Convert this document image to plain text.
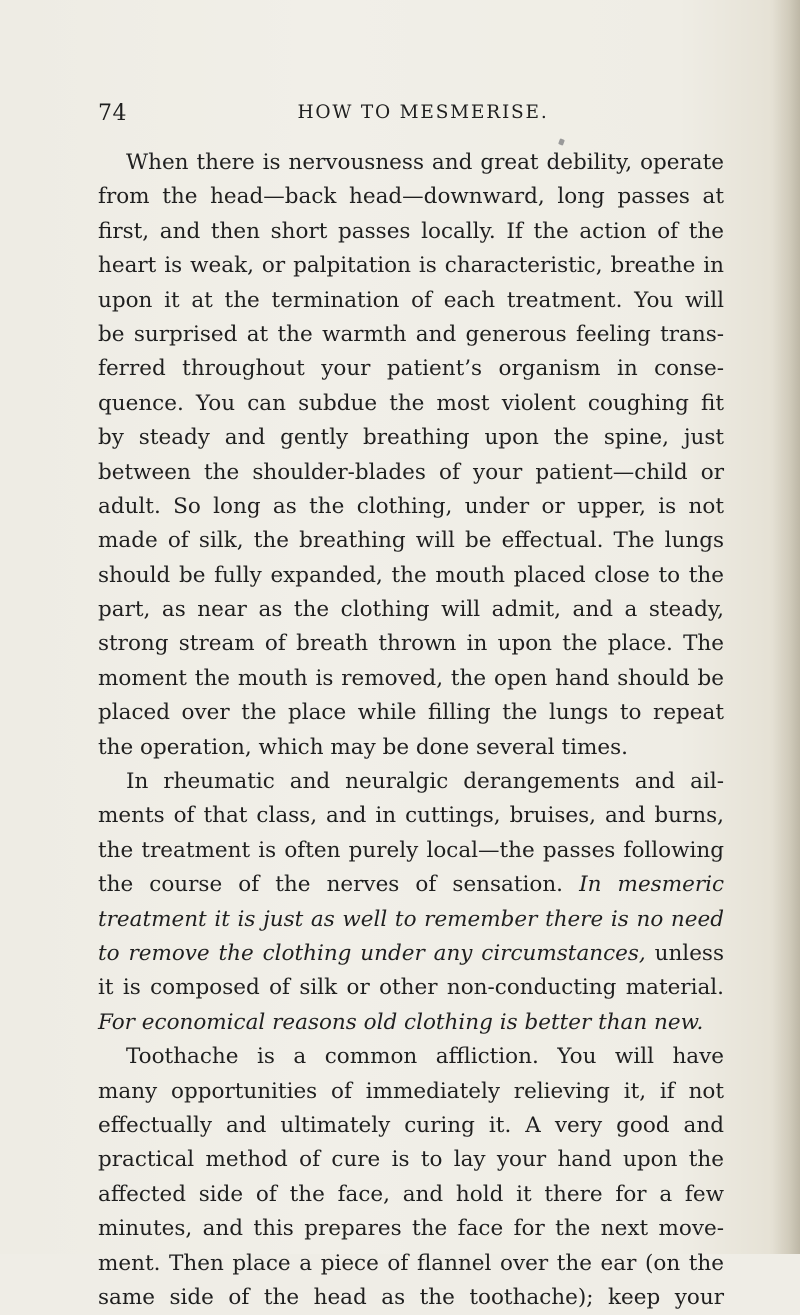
74	HOW TO MESMERISE.
When there is nervousness and great debility, operate
from the head—back head—downward, long passes at
first, and then short passes locally. If the action of the
heart is weak, or palpitation is characteristic, breathe in
upon it at the termination of each treatment. You will
be surprised at the warmth and generous feeling trans-
ferred throughout your patient’s organism in conse-
quence. You can subdue the most violent coughing fit
by steady and gently breathing upon the spine, just
between the shoulder-blades of your patient—child or
adult. So long as the clothing, under or upper, is not
made of silk, the breathing will be effectual. The lungs
should be fully expanded, the mouth placed close to the
part, as near as the clothing will admit, and a steady,
strong stream of breath thrown in upon the place. The
moment the mouth is removed, the open hand should be
placed over the place while filling the lungs to repeat
the operation, which may be done several times.
In rheumatic and neuralgic derangements and ail-
ments of that class, and in cuttings, bruises, and burns,
the treatment is often purely local—the passes following
the course of the nerves of sensation. In mesmeric
treatment it is just as well to remember there is no need
to remove the clothing under any circumstances, unless
it is composed of silk or other non-conducting material.
For economical reasons old clothing is better than new.
Toothache is a common affliction. You will have
many opportunities of immediately relieving it, if not
effectually and ultimately curing it. A very good and
practical method of cure is to lay your hand upon the
affected side of the face, and hold it there for a few
minutes, and this prepares the face for the next move-
ment. Then place a piece of flannel over the ear (on the
same side of the head as the toothache); keep your
